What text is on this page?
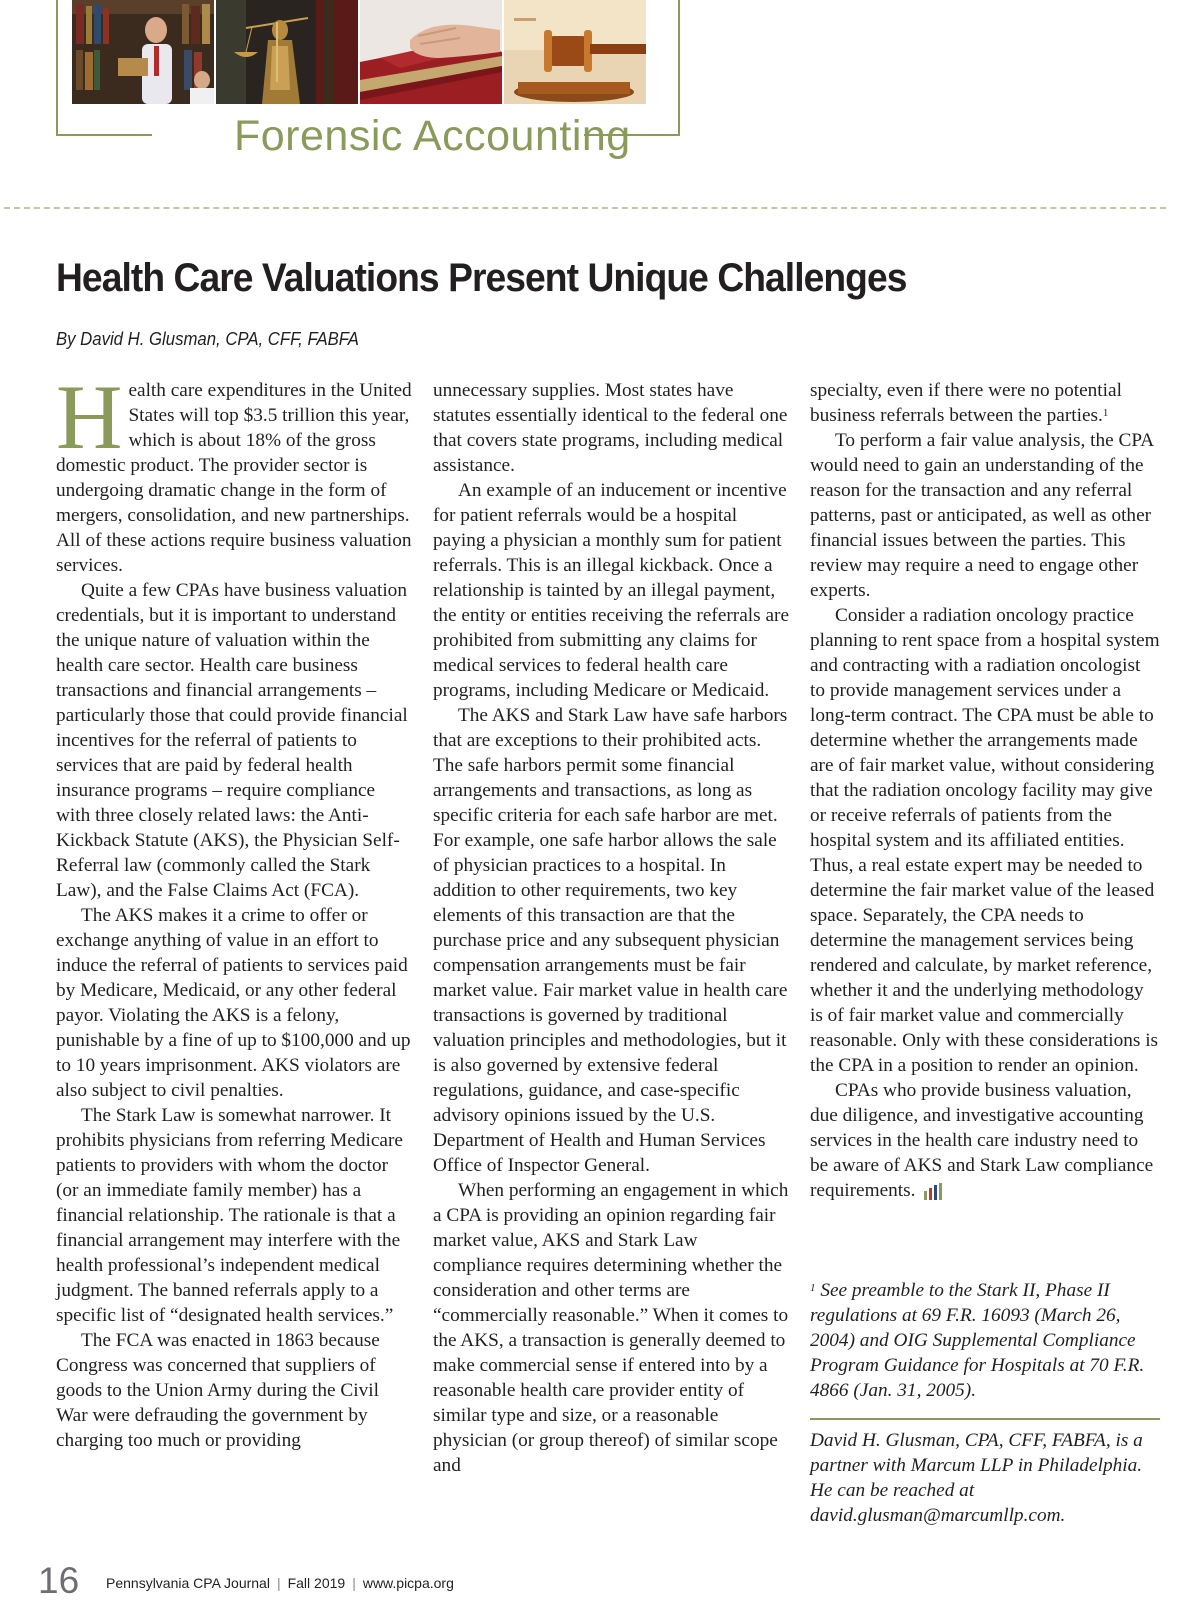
Forensic Accounting
Health Care Valuations Present Unique Challenges
By David H. Glusman, CPA, CFF, FABFA

Health care expenditures in the United States will top $3.5 trillion this year, which is about 18% of the gross domestic product. The provider sector is undergoing dramatic change in the form of mergers, consolidation, and new partnerships. All of these actions require business valuation services.

Quite a few CPAs have business valuation credentials, but it is important to understand the unique nature of valuation within the health care sector. Health care business transactions and financial arrangements – particularly those that could provide financial incentives for the referral of patients to services that are paid by federal health insurance programs – require compliance with three closely related laws: the Anti-Kickback Statute (AKS), the Physician Self-Referral law (commonly called the Stark Law), and the False Claims Act (FCA).

The AKS makes it a crime to offer or exchange anything of value in an effort to induce the referral of patients to services paid by Medicare, Medicaid, or any other federal payor. Violating the AKS is a felony, punishable by a fine of up to $100,000 and up to 10 years imprisonment. AKS violators are also subject to civil penalties.

The Stark Law is somewhat narrower. It prohibits physicians from referring Medicare patients to providers with whom the doctor (or an immediate family member) has a financial relationship. The rationale is that a financial arrangement may interfere with the health professional’s independent medical judgment. The banned referrals apply to a specific list of “designated health services.”

The FCA was enacted in 1863 because Congress was concerned that suppliers of goods to the Union Army during the Civil War were defrauding the government by charging too much or providing

unnecessary supplies. Most states have statutes essentially identical to the federal one that covers state programs, including medical assistance.

An example of an inducement or incentive for patient referrals would be a hospital paying a physician a monthly sum for patient referrals. This is an illegal kickback. Once a relationship is tainted by an illegal payment, the entity or entities receiving the referrals are prohibited from submitting any claims for medical services to federal health care programs, including Medicare or Medicaid.

The AKS and Stark Law have safe harbors that are exceptions to their prohibited acts. The safe harbors permit some financial arrangements and transactions, as long as specific criteria for each safe harbor are met. For example, one safe harbor allows the sale of physician practices to a hospital. In addition to other requirements, two key elements of this transaction are that the purchase price and any subsequent physician compensation arrangements must be fair market value. Fair market value in health care transactions is governed by traditional valuation principles and methodologies, but it is also governed by extensive federal regulations, guidance, and case-specific advisory opinions issued by the U.S. Department of Health and Human Services Office of Inspector General.

When performing an engagement in which a CPA is providing an opinion regarding fair market value, AKS and Stark Law compliance requires determining whether the consideration and other terms are “commercially reasonable.” When it comes to the AKS, a transaction is generally deemed to make commercial sense if entered into by a reasonable health care provider entity of similar type and size, or a reasonable physician (or group thereof) of similar scope and

specialty, even if there were no potential business referrals between the parties.$^1$

To perform a fair value analysis, the CPA would need to gain an understanding of the reason for the transaction and any referral patterns, past or anticipated, as well as other financial issues between the parties. This review may require a need to engage other experts.

Consider a radiation oncology practice planning to rent space from a hospital system and contracting with a radiation oncologist to provide management services under a long-term contract. The CPA must be able to determine whether the arrangements made are of fair market value, without considering that the radiation oncology facility may give or receive referrals of patients from the hospital system and its affiliated entities. Thus, a real estate expert may be needed to determine the fair market value of the leased space. Separately, the CPA needs to determine the management services being rendered and calculate, by market reference, whether it and the underlying methodology is of fair market value and commercially reasonable. Only with these considerations is the CPA in a position to render an opinion.

CPAs who provide business valuation, due diligence, and investigative accounting services in the health care industry need to be aware of AKS and Stark Law compliance requirements.

$^1$ See preamble to the Stark II, Phase II regulations at 69 F.R. 16093 (March 26, 2004) and OIG Supplemental Compliance Program Guidance for Hospitals at 70 F.R. 4866 (Jan. 31, 2005).

David H. Glusman, CPA, CFF, FABFA, is a partner with Marcum LLP in Philadelphia. He can be reached at david.glusman@marcumllp.com.

16 Pennsylvania CPA Journal | Fall 2019 | www.picpa.org
